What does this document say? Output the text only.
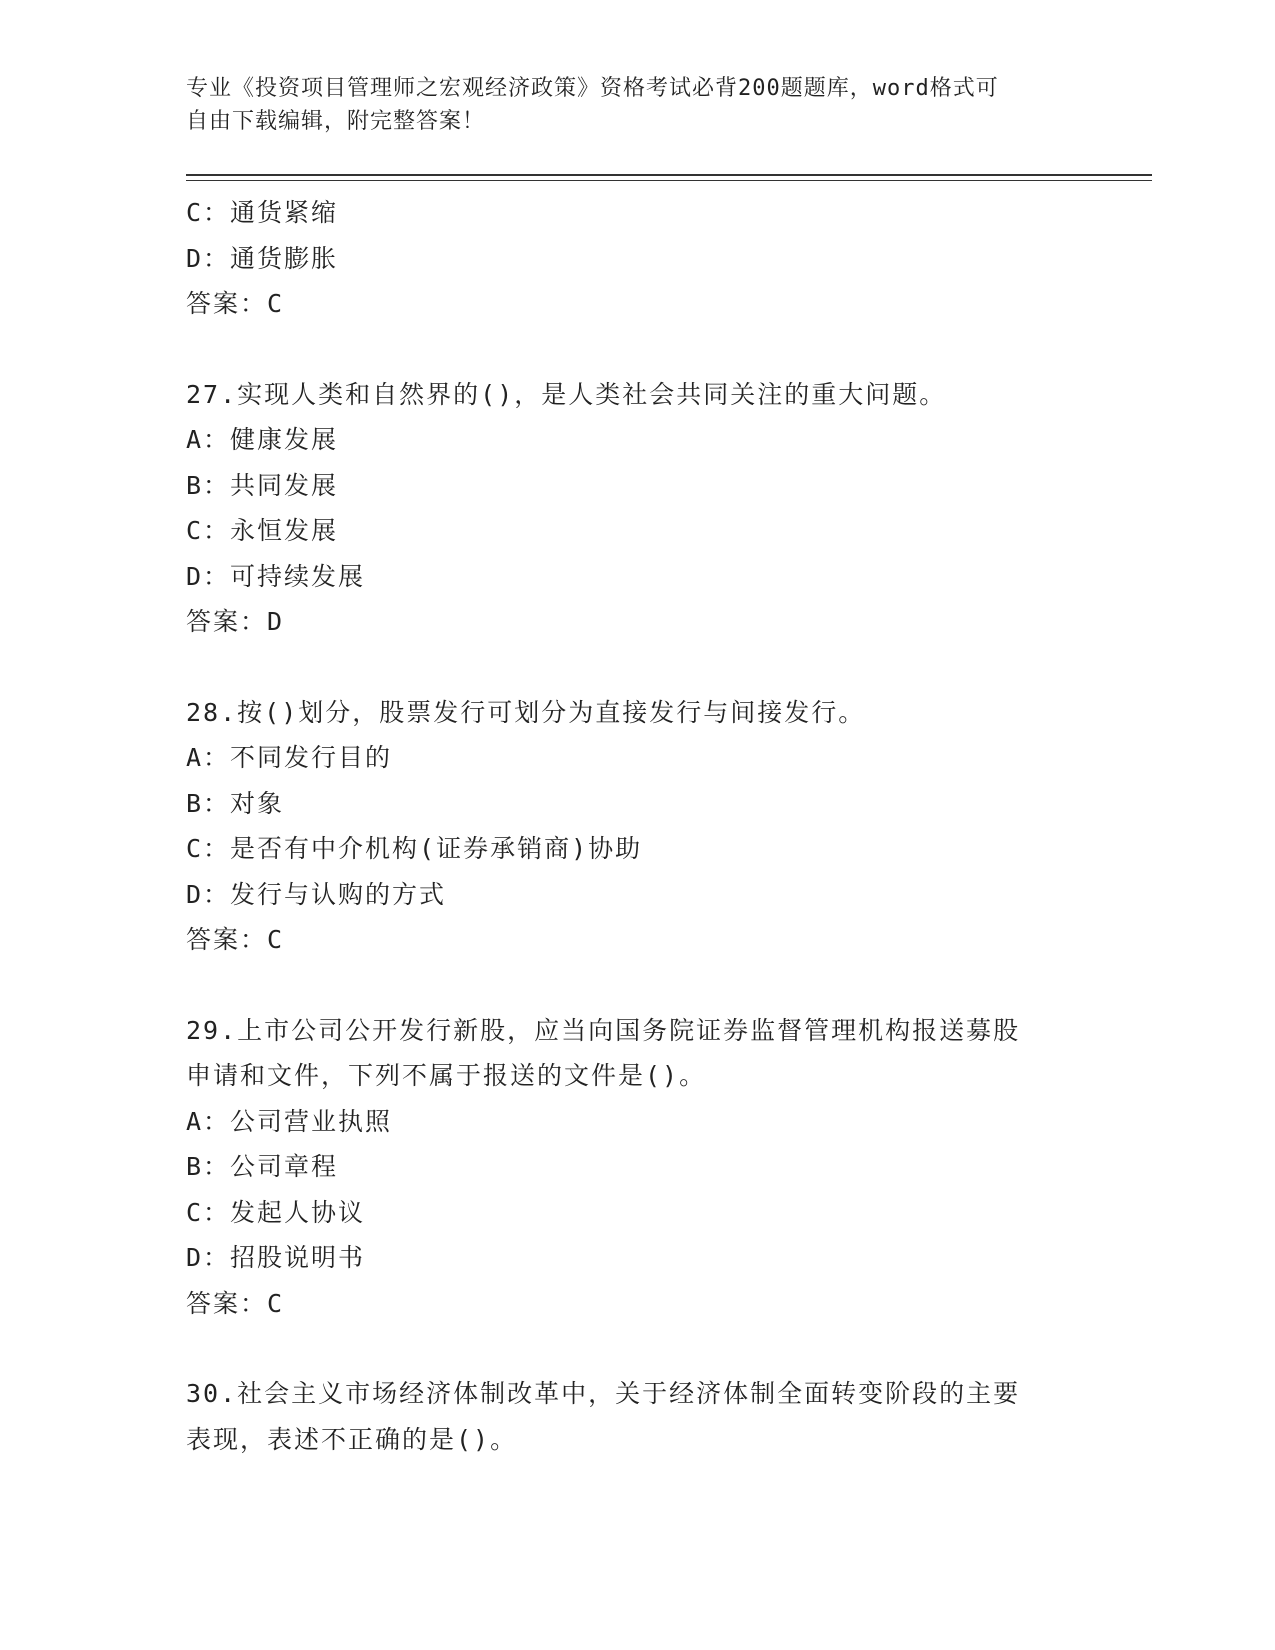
专业《投资项目管理师之宏观经济政策》资格考试必背200题题库，word格式可

自由下载编辑，附完整答案！

C：通货紧缩
D：通货膨胀
答案：C
27.实现人类和自然界的()，是人类社会共同关注的重大问题。
A：健康发展
B：共同发展
C：永恒发展
D：可持续发展
答案：D
28.按()划分，股票发行可划分为直接发行与间接发行。
A：不同发行目的
B：对象
C：是否有中介机构(证券承销商)协助
D：发行与认购的方式
答案：C
29.上市公司公开发行新股，应当向国务院证券监督管理机构报送募股
申请和文件，下列不属于报送的文件是()。
A：公司营业执照
B：公司章程
C：发起人协议
D：招股说明书
答案：C
30.社会主义市场经济体制改革中，关于经济体制全面转变阶段的主要
表现，表述不正确的是()。
